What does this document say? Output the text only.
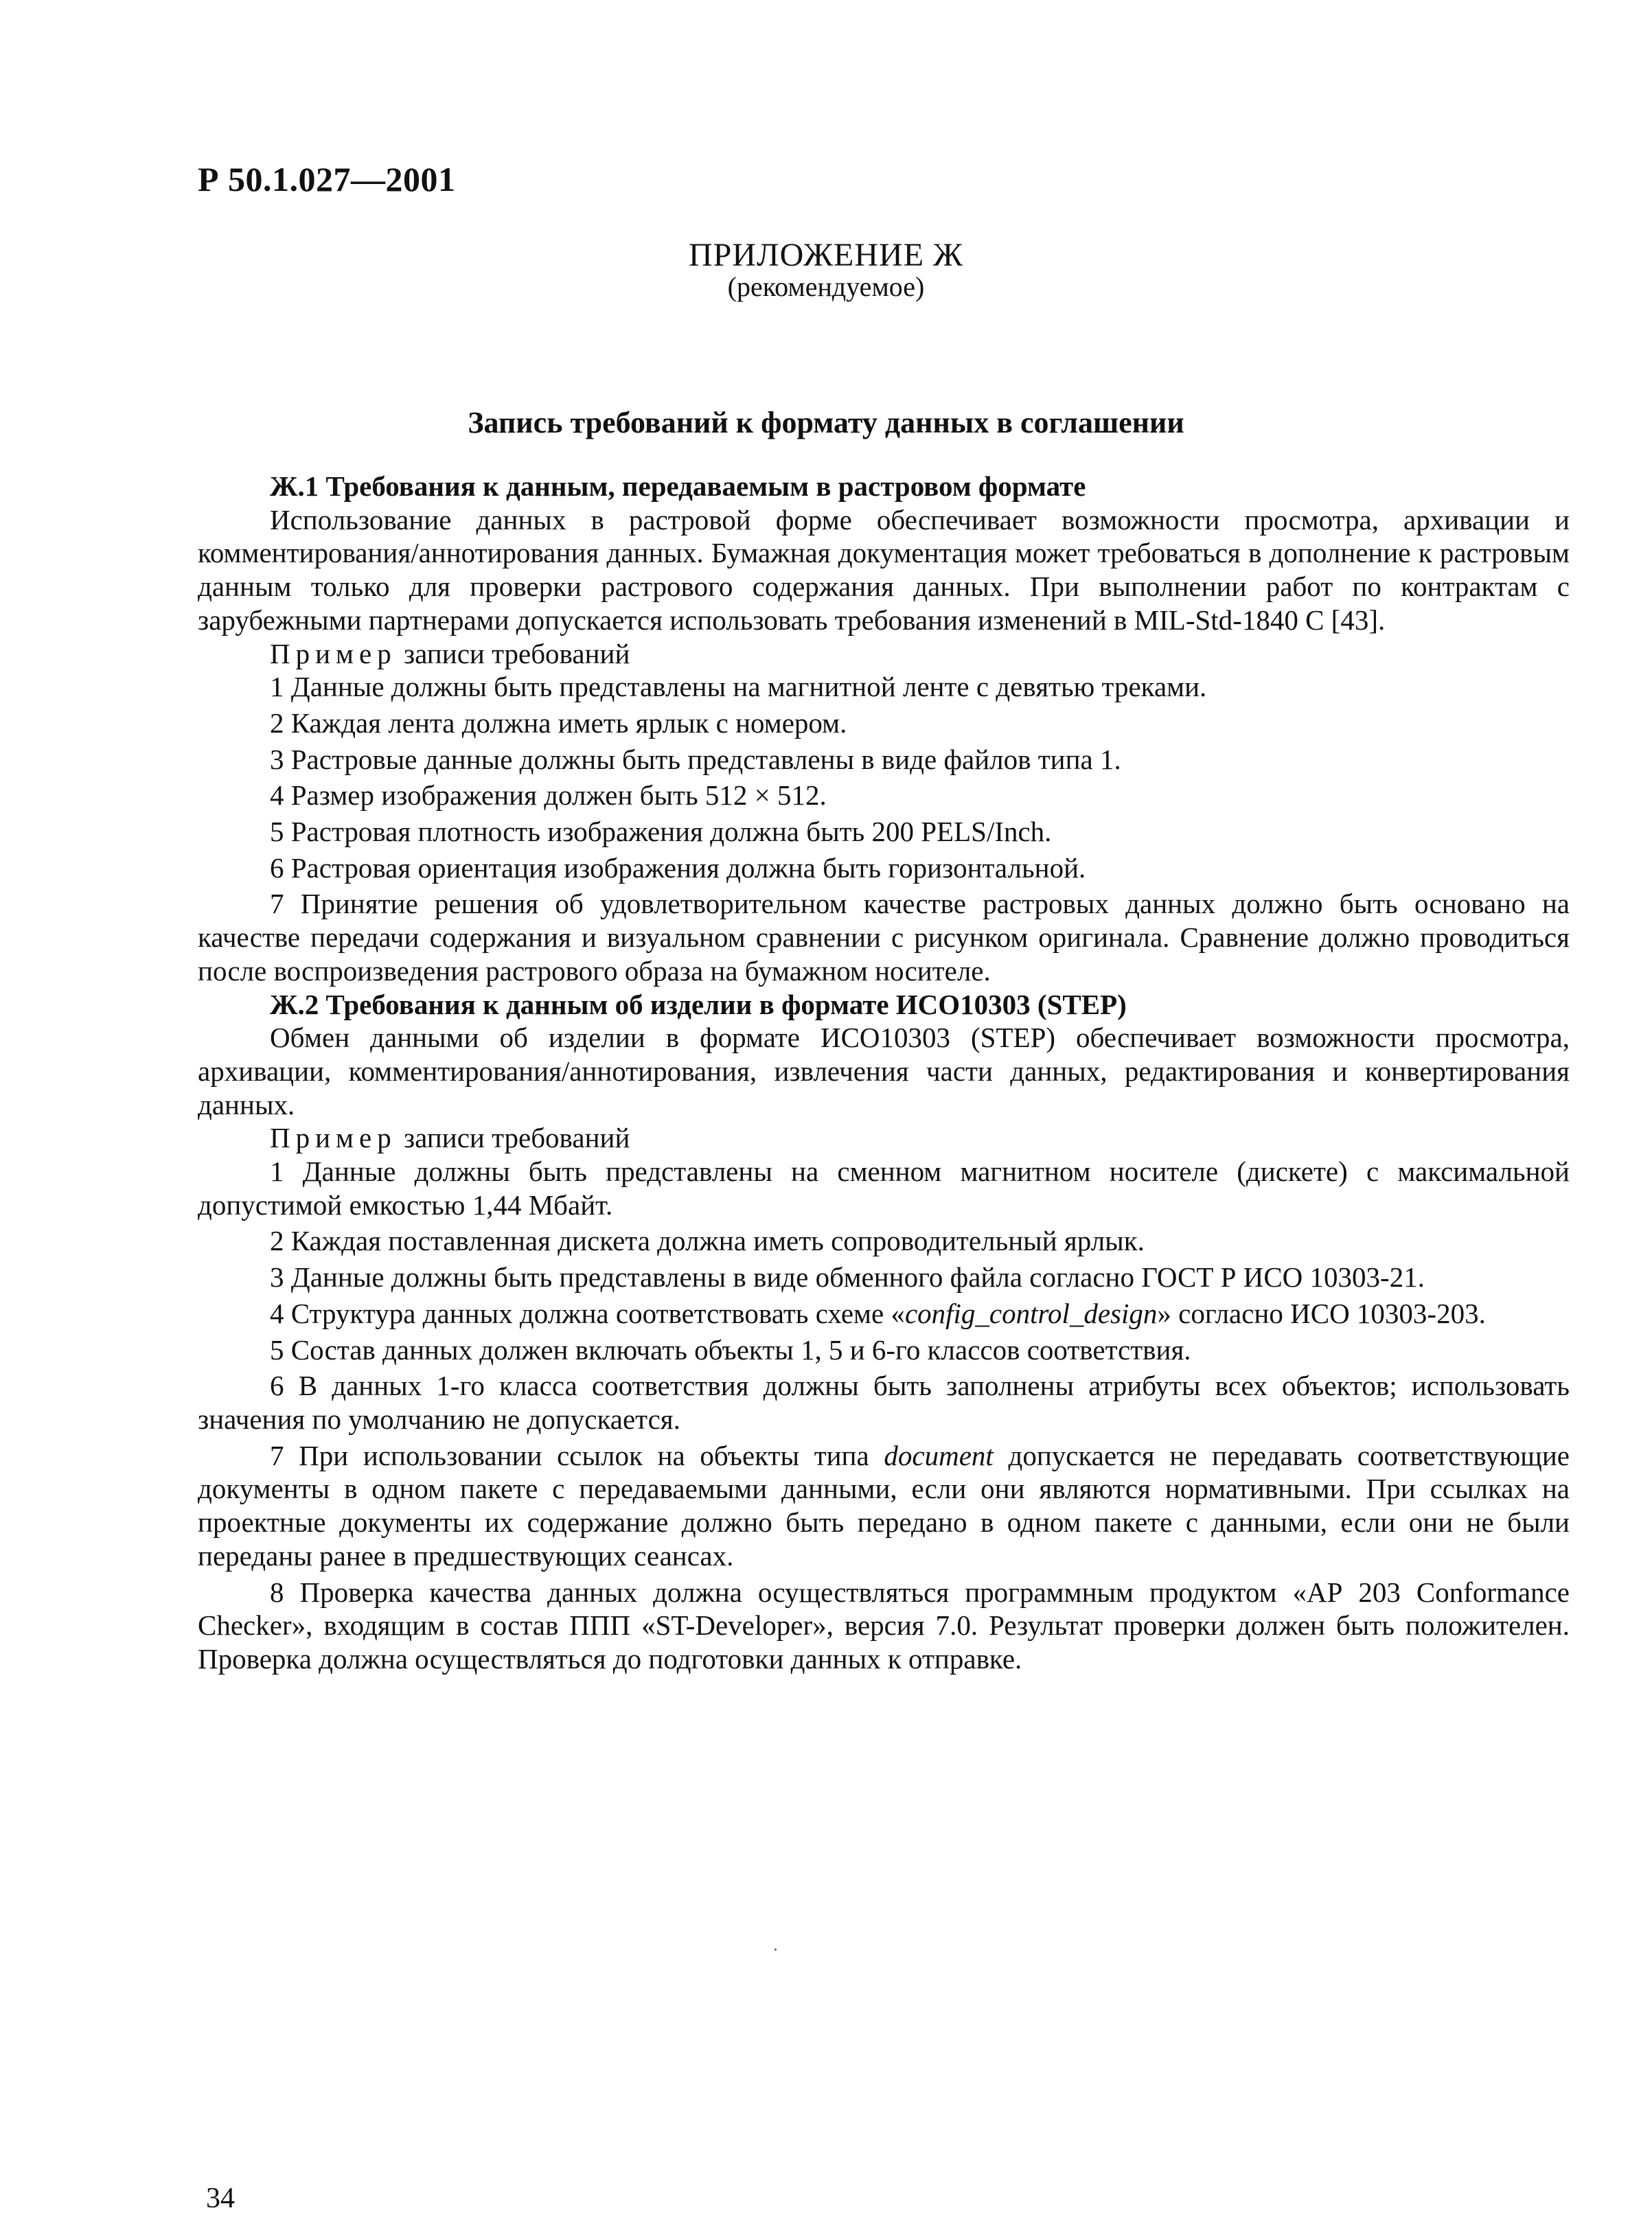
Р 50.1.027—2001
ПРИЛОЖЕНИЕ Ж
(рекомендуемое)
Запись требований к формату данных в соглашении

Ж.1 Требования к данным, передаваемым в растровом формате

Использование данных в растровой форме обеспечивает возможности просмотра, архивации и комментирования/аннотирования данных. Бумажная документация может требоваться в дополнение к растровым данным только для проверки растрового содержания данных. При выполнении работ по контрактам с зарубежными партнерами допускается использовать требования изменений в MIL-Std-1840 С [43].

Пример записи требований

1 Данные должны быть представлены на магнитной ленте с девятью треками.

2 Каждая лента должна иметь ярлык с номером.

3 Растровые данные должны быть представлены в виде файлов типа 1.

4 Размер изображения должен быть 512 × 512.

5 Растровая плотность изображения должна быть 200 PELS/Inch.

6 Растровая ориентация изображения должна быть горизонтальной.

7 Принятие решения об удовлетворительном качестве растровых данных должно быть основано на качестве передачи содержания и визуальном сравнении с рисунком оригинала. Сравнение должно проводиться после воспроизведения растрового образа на бумажном носителе.

Ж.2 Требования к данным об изделии в формате ИСО10303 (STEP)

Обмен данными об изделии в формате ИСО10303 (STEP) обеспечивает возможности просмотра, архивации, комментирования/аннотирования, извлечения части данных, редактирования и конвертирования данных.

Пример записи требований

1 Данные должны быть представлены на сменном магнитном носителе (дискете) с максимальной допустимой емкостью 1,44 Мбайт.

2 Каждая поставленная дискета должна иметь сопроводительный ярлык.

3 Данные должны быть представлены в виде обменного файла согласно ГОСТ Р ИСО 10303-21.

4 Структура данных должна соответствовать схеме «config_control_design» согласно ИСО 10303-203.

5 Состав данных должен включать объекты 1, 5 и 6-го классов соответствия.

6 В данных 1-го класса соответствия должны быть заполнены атрибуты всех объектов; использовать значения по умолчанию не допускается.

7 При использовании ссылок на объекты типа document допускается не передавать соответствующие документы в одном пакете с передаваемыми данными, если они являются нормативными. При ссылках на проектные документы их содержание должно быть передано в одном пакете с данными, если они не были переданы ранее в предшествующих сеансах.

8 Проверка качества данных должна осуществляться программным продуктом «АР 203 Conformance Checker», входящим в состав ППП «ST-Developer», версия 7.0. Результат проверки должен быть положителен. Проверка должна осуществляться до подготовки данных к отправке.

34
